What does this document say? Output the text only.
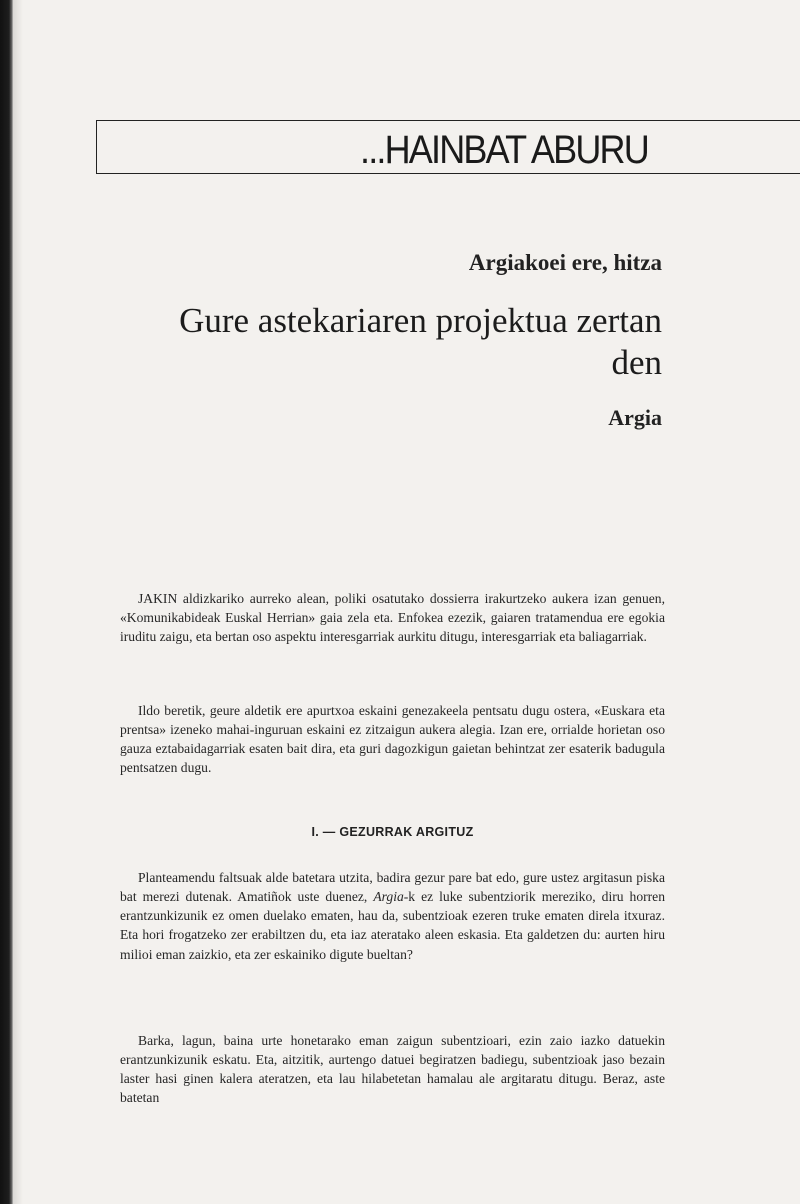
...HAINBAT ABURU
Argiakoei ere, hitza
Gure astekariaren projektua zertan den
Argia

JAKIN aldizkariko aurreko alean, poliki osatutako dossierra irakurtzeko aukera izan genuen, «Komunikabideak Euskal Herrian» gaia zela eta. Enfokea ezezik, gaiaren tratamendua ere egokia iruditu zaigu, eta bertan oso aspektu interesgarriak aurkitu ditugu, interesgarriak eta baliagarriak.

Ildo beretik, geure aldetik ere apurtxoa eskaini genezakeela pentsatu dugu ostera, «Euskara eta prentsa» izeneko mahai-inguruan eskaini ez zitzaigun aukera alegia. Izan ere, orrialde horietan oso gauza eztabaidagarriak esaten bait dira, eta guri dagozkigun gaietan behintzat zer esaterik badugula pentsatzen dugu.

I. — GEZURRAK ARGITUZ

Planteamendu faltsuak alde batetara utzita, badira gezur pare bat edo, gure ustez argitasun piska bat merezi dutenak. Amatiñok uste duenez, Argia-k ez luke subentziorik mereziko, diru horren erantzunkizunik ez omen duelako ematen, hau da, subentzioak ezeren truke ematen direla itxuraz. Eta hori frogatzeko zer erabiltzen du, eta iaz ateratako aleen eskasia. Eta galdetzen du: aurten hiru milioi eman zaizkio, eta zer eskainiko digute bueltan?

Barka, lagun, baina urte honetarako eman zaigun subentzioari, ezin zaio iazko datuekin erantzunkizunik eskatu. Eta, aitzitik, aurtengo datuei begiratzen badiegu, subentzioak jaso bezain laster hasi ginen kalera ateratzen, eta lau hilabetetan hamalau ale argitaratu ditugu. Beraz, aste batetan
